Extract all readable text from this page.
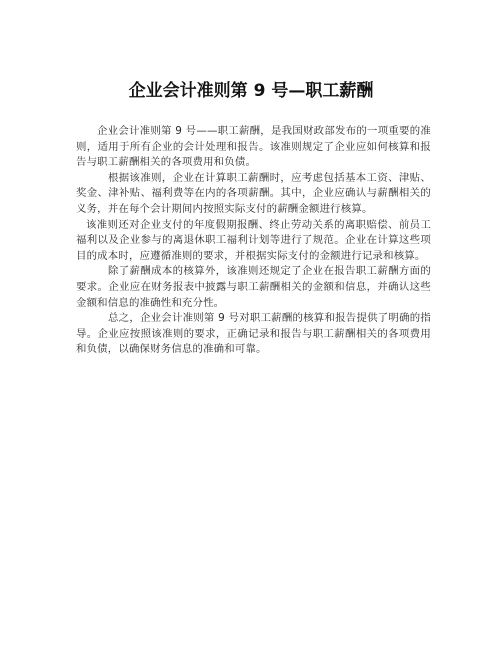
企业会计准则第 9 号—职工薪酬

企业会计准则第 9 号——职工薪酬，是我国财政部发布的一项重要的准则，适用于所有企业的会计处理和报告。该准则规定了企业应如何核算和报告与职工薪酬相关的各项费用和负债。

根据该准则，企业在计算职工薪酬时，应考虑包括基本工资、津贴、奖金、津补贴、福利费等在内的各项薪酬。其中，企业应确认与薪酬相关的义务，并在每个会计期间内按照实际支付的薪酬金额进行核算。

该准则还对企业支付的年度假期报酬、终止劳动关系的离职赔偿、前员工福利以及企业参与的离退休职工福利计划等进行了规范。企业在计算这些项目的成本时，应遵循准则的要求，并根据实际支付的金额进行记录和核算。

除了薪酬成本的核算外，该准则还规定了企业在报告职工薪酬方面的要求。企业应在财务报表中披露与职工薪酬相关的金额和信息，并确认这些金额和信息的准确性和充分性。

总之，企业会计准则第 9 号对职工薪酬的核算和报告提供了明确的指导。企业应按照该准则的要求，正确记录和报告与职工薪酬相关的各项费用和负债，以确保财务信息的准确和可靠。
